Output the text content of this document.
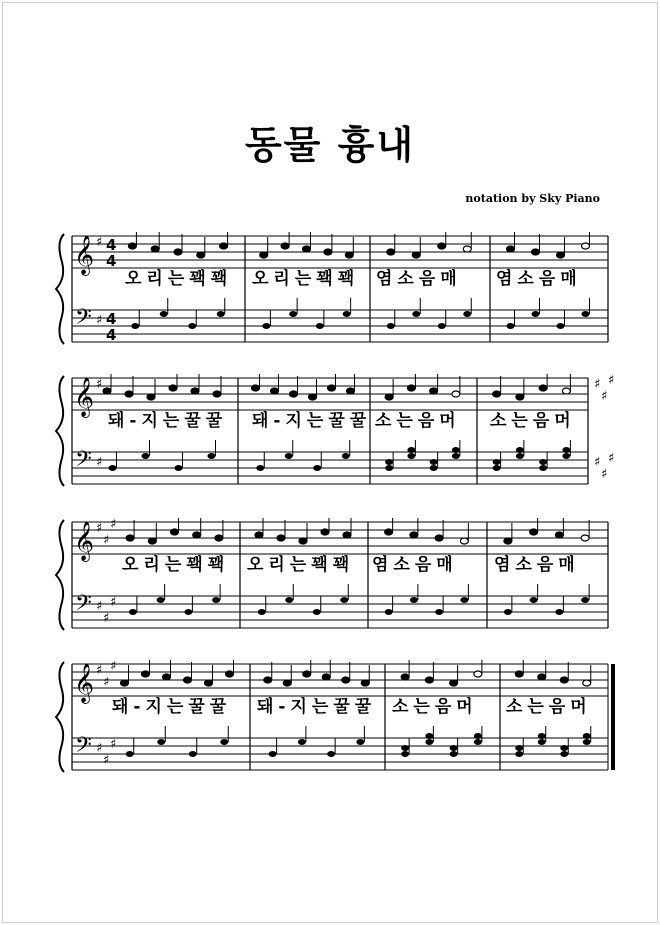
동물 흉내
notation by Sky Piano
𝄞
𝄢
♯
♯
4
4
4
4
오리는꽥꽥 오리는꽥꽥 염소음매 염소음매
𝄞
𝄢
♯
♯
♯
♯
♯
♯
♯
♯
돼-지는꿀꿀 돼-지는꿀꿀 소는음머 소는음머
𝄞
𝄢
♯
♯
♯
♯
♯
♯
오리는꽥꽥 오리는꽥꽥 염소음매 염소음매
𝄞
𝄢
♯
♯
♯
♯
♯
♯
돼-지는꿀꿀 돼-지는꿀꿀 소는음머 소는음머
